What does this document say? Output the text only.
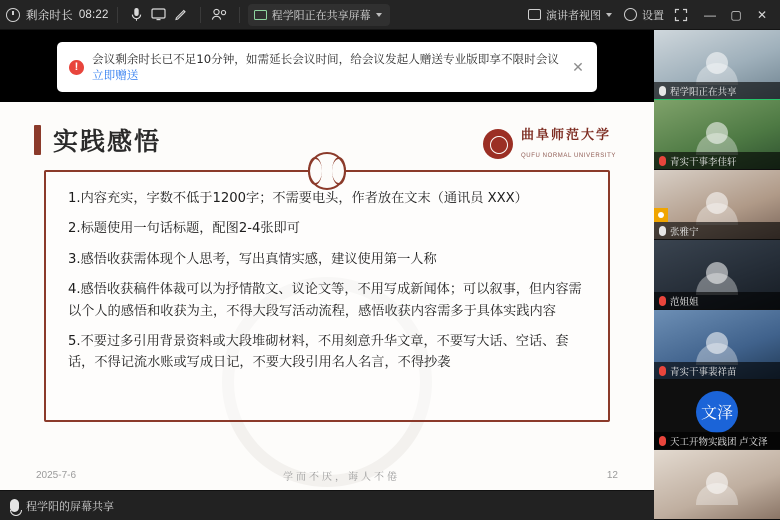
剩余时长 08:22	程学阳正在共享屏幕	演讲者视图	设置	—	▢	✕
实践感悟	曲阜师范大学
QUFU NORMAL UNIVERSITY
1.内容充实，字数不低于1200字；不需要电头，作者放在文末（通讯员 XXX）
2.标题使用一句话标题，配图2-4张即可
3.感悟收获需体现个人思考，写出真情实感，建议使用第一人称
4.感悟收获稿件体裁可以为抒情散文、议论文等，不用写成新闻体；可以叙事，但内容需以个人的感悟和收获为主，不得大段写活动流程，感悟收获内容需多于具体实践内容
5.不要过多引用背景资料或大段堆砌材料，不用刻意升华文章，不要写大话、空话、套话，不得记流水账或写成日记，不要大段引用名人名言，不得抄袭
2025-7-6	学而不厌，诲人不倦	12
!
会议剩余时长已不足10分钟，如需延长会议时间，给会议发起人赠送专业版即享不限时会议 立即赠送
✕
程学阳的屏幕共享
程学阳正在共享
青实干事李佳轩
张雅宁
范姐姐
青实干事裴祥苗
文泽
天工开物实践团 卢文泽
